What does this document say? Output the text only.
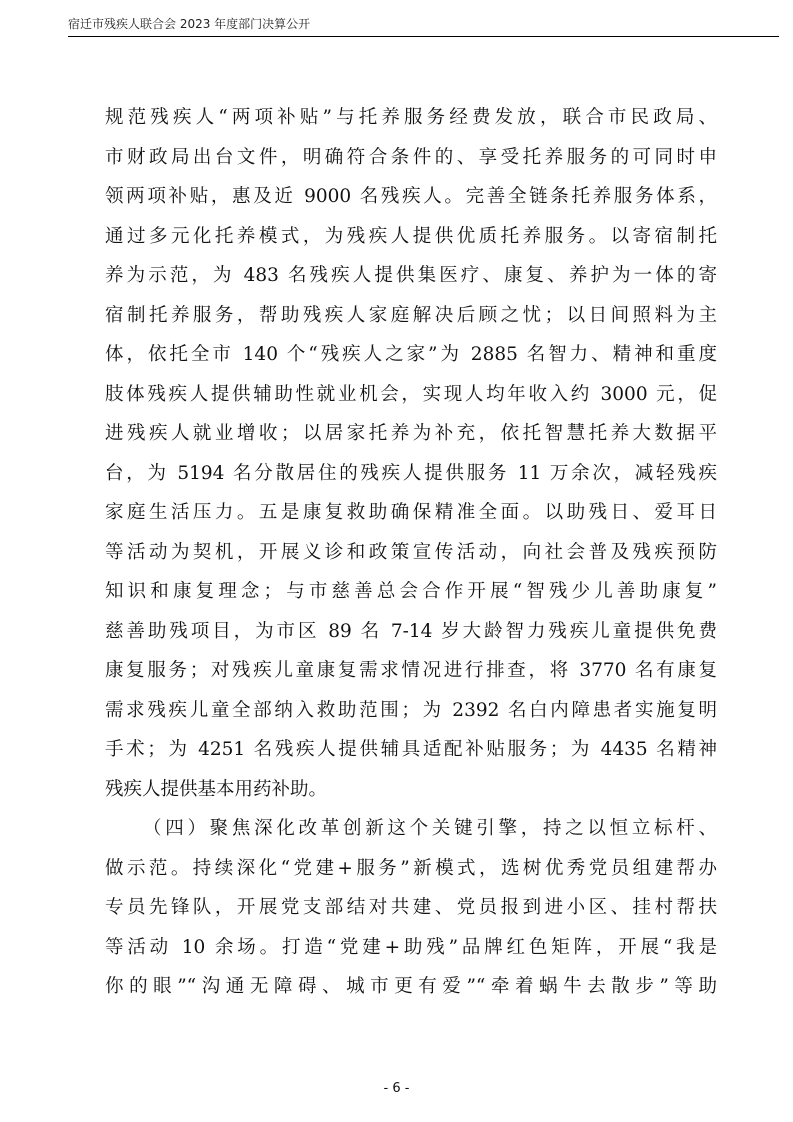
宿迁市残疾人联合会 2023 年度部门决算公开
规范残疾人“两项补贴”与托养服务经费发放，联合市民政局、
市财政局出台文件，明确符合条件的、享受托养服务的可同时申
领两项补贴，惠及近 9000 名残疾人。完善全链条托养服务体系，
通过多元化托养模式，为残疾人提供优质托养服务。以寄宿制托
养为示范，为 483 名残疾人提供集医疗、康复、养护为一体的寄
宿制托养服务，帮助残疾人家庭解决后顾之忧；以日间照料为主
体，依托全市 140 个“残疾人之家”为 2885 名智力、精神和重度
肢体残疾人提供辅助性就业机会，实现人均年收入约 3000 元，促
进残疾人就业增收；以居家托养为补充，依托智慧托养大数据平
台，为 5194 名分散居住的残疾人提供服务 11 万余次，减轻残疾
家庭生活压力。五是康复救助确保精准全面。以助残日、爱耳日
等活动为契机，开展义诊和政策宣传活动，向社会普及残疾预防
知识和康复理念；与市慈善总会合作开展“智残少儿善助康复”
慈善助残项目，为市区 89 名 7-14 岁大龄智力残疾儿童提供免费
康复服务；对残疾儿童康复需求情况进行排查，将 3770 名有康复
需求残疾儿童全部纳入救助范围；为 2392 名白内障患者实施复明
手术；为 4251 名残疾人提供辅具适配补贴服务；为 4435 名精神
残疾人提供基本用药补助。
（四）聚焦深化改革创新这个关键引擎，持之以恒立标杆、
做示范。持续深化“党建+服务”新模式，选树优秀党员组建帮办
专员先锋队，开展党支部结对共建、党员报到进小区、挂村帮扶
等活动 10 余场。打造“党建+助残”品牌红色矩阵，开展“我是
你的眼”“沟通无障碍、城市更有爱”“牵着蜗牛去散步”等助
- 6 -
